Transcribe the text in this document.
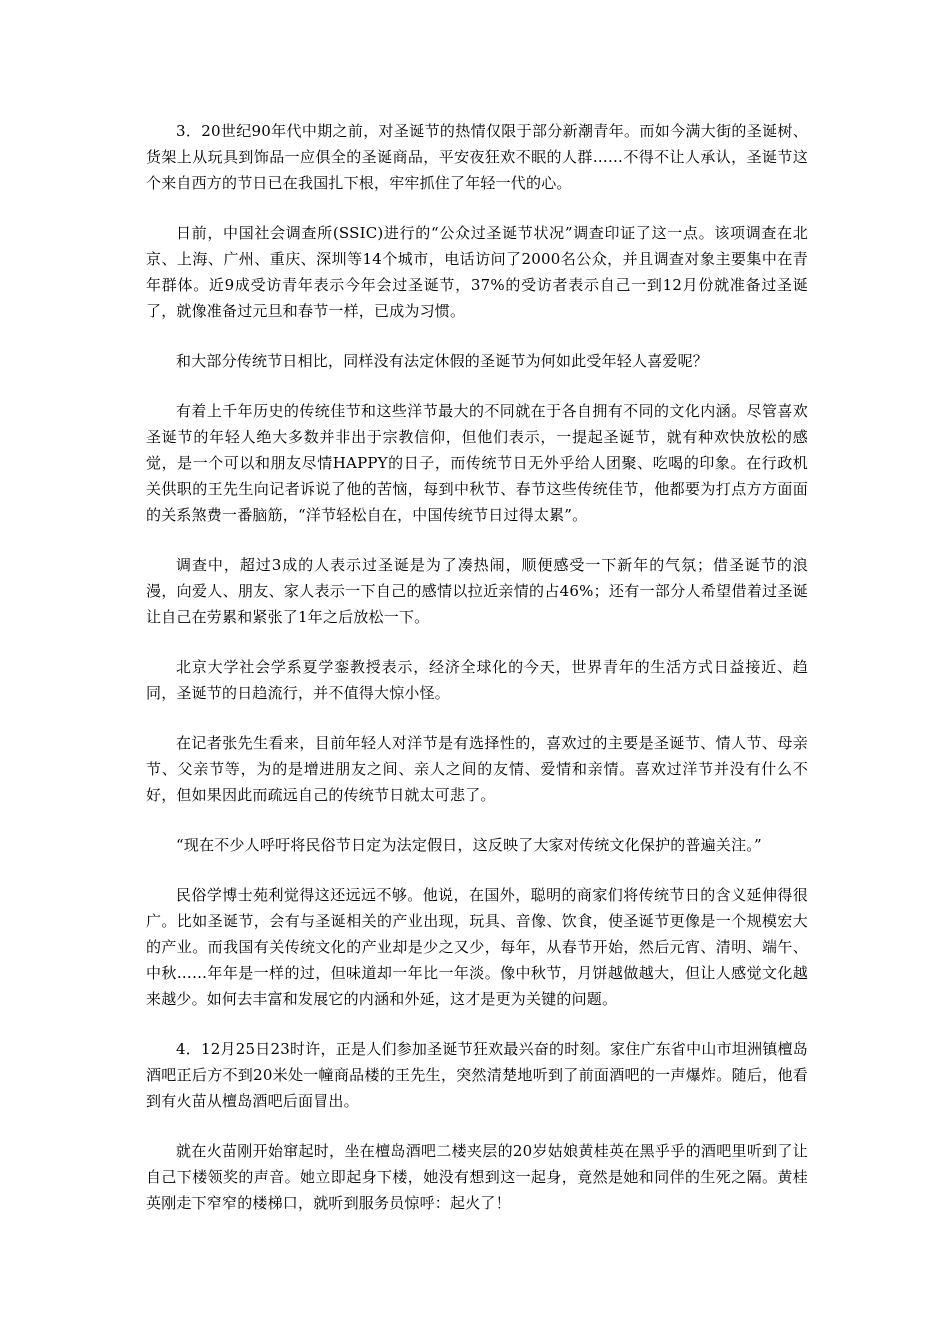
3．20世纪90年代中期之前，对圣诞节的热情仅限于部分新潮青年。而如今满大街的圣诞树、货架上从玩具到饰品一应俱全的圣诞商品，平安夜狂欢不眠的人群……不得不让人承认，圣诞节这个来自西方的节日已在我国扎下根，牢牢抓住了年轻一代的心。

日前，中国社会调查所(SSIC)进行的“公众过圣诞节状况”调查印证了这一点。该项调查在北京、上海、广州、重庆、深圳等14个城市，电话访问了2000名公众，并且调查对象主要集中在青年群体。近9成受访青年表示今年会过圣诞节，37%的受访者表示自己一到12月份就准备过圣诞了，就像准备过元旦和春节一样，已成为习惯。

和大部分传统节日相比，同样没有法定休假的圣诞节为何如此受年轻人喜爱呢？

有着上千年历史的传统佳节和这些洋节最大的不同就在于各自拥有不同的文化内涵。尽管喜欢圣诞节的年轻人绝大多数并非出于宗教信仰，但他们表示，一提起圣诞节，就有种欢快放松的感觉，是一个可以和朋友尽情HAPPY的日子，而传统节日无外乎给人团聚、吃喝的印象。在行政机关供职的王先生向记者诉说了他的苦恼，每到中秋节、春节这些传统佳节，他都要为打点方方面面的关系煞费一番脑筋，“洋节轻松自在，中国传统节日过得太累”。

调查中，超过3成的人表示过圣诞是为了凑热闹，顺便感受一下新年的气氛；借圣诞节的浪漫，向爱人、朋友、家人表示一下自己的感情以拉近亲情的占46%；还有一部分人希望借着过圣诞让自己在劳累和紧张了1年之后放松一下。

北京大学社会学系夏学銮教授表示，经济全球化的今天，世界青年的生活方式日益接近、趋同，圣诞节的日趋流行，并不值得大惊小怪。

在记者张先生看来，目前年轻人对洋节是有选择性的，喜欢过的主要是圣诞节、情人节、母亲节、父亲节等，为的是增进朋友之间、亲人之间的友情、爱情和亲情。喜欢过洋节并没有什么不好，但如果因此而疏远自己的传统节日就太可悲了。

“现在不少人呼吁将民俗节日定为法定假日，这反映了大家对传统文化保护的普遍关注。”

民俗学博士苑利觉得这还远远不够。他说，在国外，聪明的商家们将传统节日的含义延伸得很广。比如圣诞节，会有与圣诞相关的产业出现，玩具、音像、饮食，使圣诞节更像是一个规模宏大的产业。而我国有关传统文化的产业却是少之又少，每年，从春节开始，然后元宵、清明、端午、中秋……年年是一样的过，但味道却一年比一年淡。像中秋节，月饼越做越大，但让人感觉文化越来越少。如何去丰富和发展它的内涵和外延，这才是更为关键的问题。

4．12月25日23时许，正是人们参加圣诞节狂欢最兴奋的时刻。家住广东省中山市坦洲镇檀岛酒吧正后方不到20米处一幢商品楼的王先生，突然清楚地听到了前面酒吧的一声爆炸。随后，他看到有火苗从檀岛酒吧后面冒出。

就在火苗刚开始窜起时，坐在檀岛酒吧二楼夹层的20岁姑娘黄桂英在黑乎乎的酒吧里听到了让自己下楼领奖的声音。她立即起身下楼，她没有想到这一起身，竟然是她和同伴的生死之隔。黄桂英刚走下窄窄的楼梯口，就听到服务员惊呼：起火了！
